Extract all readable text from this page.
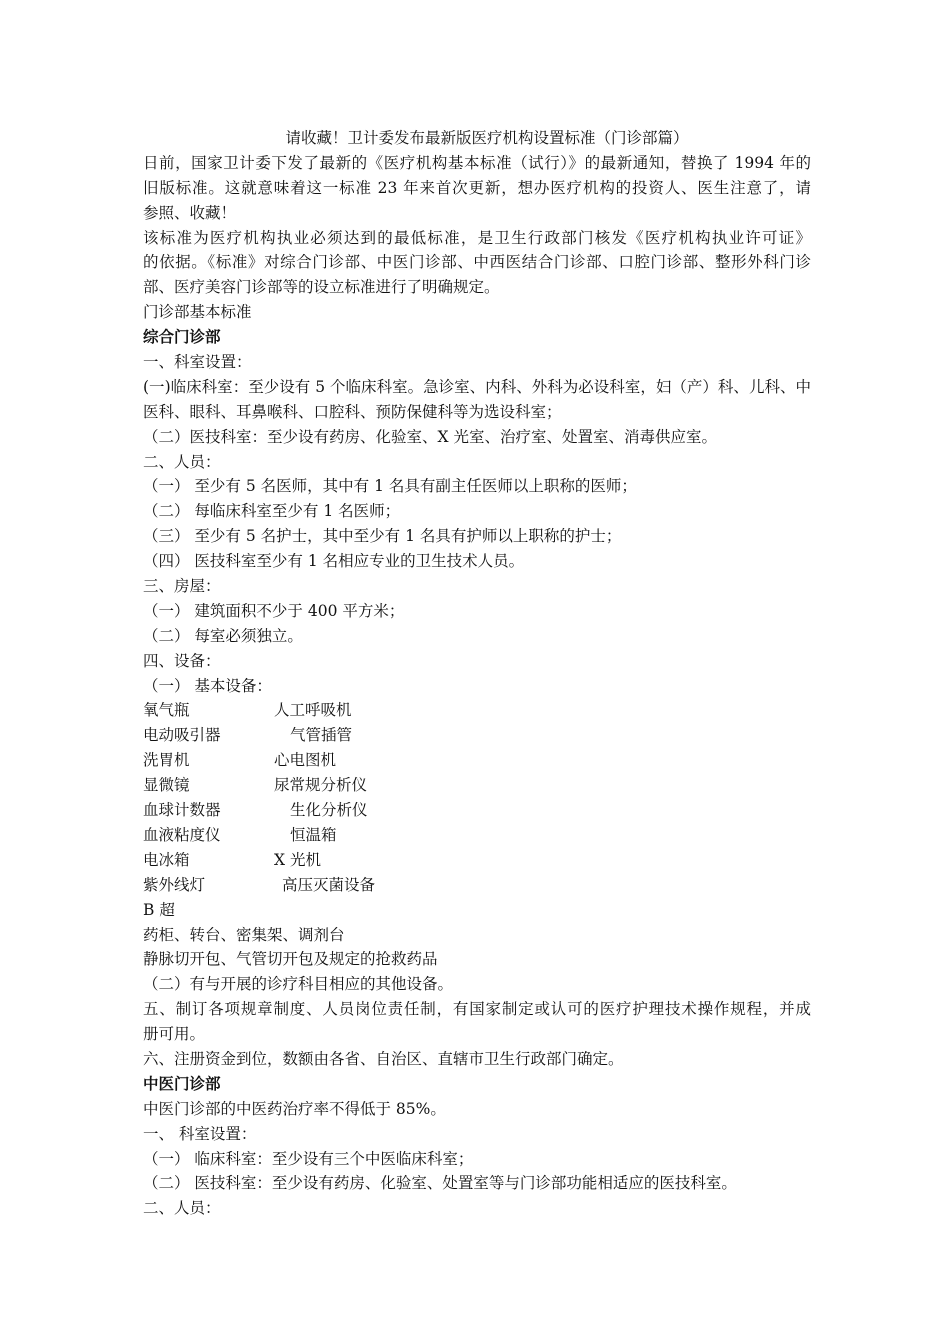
请收藏！卫计委发布最新版医疗机构设置标准（门诊部篇）
日前，国家卫计委下发了最新的《医疗机构基本标准（试行）》的最新通知，替换了 1994 年的
旧版标准。这就意味着这一标准 23 年来首次更新，想办医疗机构的投资人、医生注意了，请
参照、收藏！
该标准为医疗机构执业必须达到的最低标准，是卫生行政部门核发《医疗机构执业许可证》
的依据。《标准》对综合门诊部、中医门诊部、中西医结合门诊部、口腔门诊部、整形外科门诊
部、医疗美容门诊部等的设立标准进行了明确规定。
门诊部基本标准
综合门诊部
一、科室设置：
(一)临床科室：至少设有 5 个临床科室。急诊室、内科、外科为必设科室，妇（产）科、儿科、中
医科、眼科、耳鼻喉科、口腔科、预防保健科等为选设科室；
（二）医技科室：至少设有药房、化验室、X 光室、治疗室、处置室、消毒供应室。
二、人员：
（一） 至少有 5 名医师，其中有 1 名具有副主任医师以上职称的医师；
（二） 每临床科室至少有 1 名医师；
（三） 至少有 5 名护士，其中至少有 1 名具有护师以上职称的护士；
（四） 医技科室至少有 1 名相应专业的卫生技术人员。
三、房屋：
（一） 建筑面积不少于 400 平方米；
（二） 每室必须独立。
四、设备：
（一） 基本设备：
氧气瓶	人工呼吸机
电动吸引器	气管插管
洗胃机	心电图机
显微镜	尿常规分析仪
血球计数器	生化分析仪
血液粘度仪	恒温箱
电冰箱	X 光机
紫外线灯	高压灭菌设备
B 超
药柜、转台、密集架、调剂台
静脉切开包、气管切开包及规定的抢救药品
（二）有与开展的诊疗科目相应的其他设备。
五、制订各项规章制度、人员岗位责任制，有国家制定或认可的医疗护理技术操作规程，并成
册可用。
六、注册资金到位，数额由各省、自治区、直辖市卫生行政部门确定。
中医门诊部
中医门诊部的中医药治疗率不得低于 85%。
一、 科室设置：
（一） 临床科室：至少设有三个中医临床科室；
（二） 医技科室：至少设有药房、化验室、处置室等与门诊部功能相适应的医技科室。
二、人员：
